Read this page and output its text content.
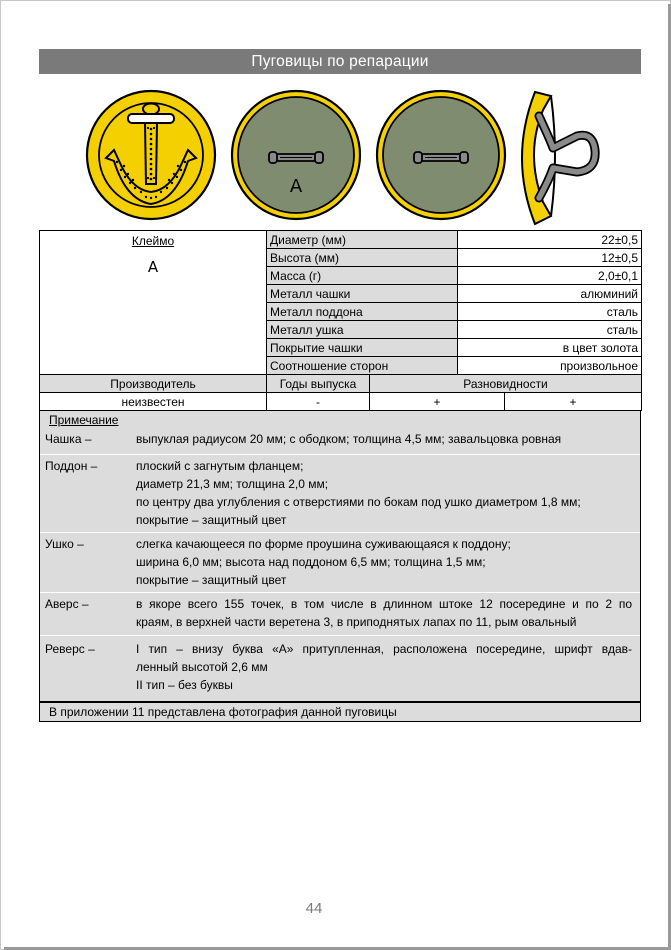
Пуговицы по репарации
А
Клеймо
А	Диаметр (мм)		22±0,5	
	Высота (мм)		12±0,5	
	Масса (г)		2,0±0,1	
	Металл чашки		алюминий	
	Металл поддона		сталь	
	Металл ушка		сталь	
	Покрытие чашки		в цвет золота	
	Соотношение сторон		произвольное	
Производитель	Годы выпуска	Разновидности		
неизвестен	-	+		+
Примечание
Чашка –	выпуклая радиусом 20 мм; с ободком; толщина 4,5 мм; завальцовка ровная
Поддон –	плоский с загнутым фланцем;
диаметр 21,3 мм; толщина 2,0 мм;
по центру два углубления с отверстиями по бокам под ушко диаметром 1,8 мм;
покрытие – защитный цвет
Ушко –	слегка качающееся по форме проушина суживающаяся к поддону;
ширина 6,0 мм; высота над поддоном 6,5 мм; толщина 1,5 мм;
покрытие – защитный цвет
Аверс –	в якоре всего 155 точек, в том числе в длинном штоке 12 посередине и по 2 по
краям, в верхней части веретена 3, в приподнятых лапах по 11, рым овальный
Реверс –	I тип – внизу буква «А» притупленная, расположена посередине, шрифт вдав-
ленный высотой 2,6 мм
II тип – без буквы
В приложении 11 представлена фотография данной пуговицы
44
